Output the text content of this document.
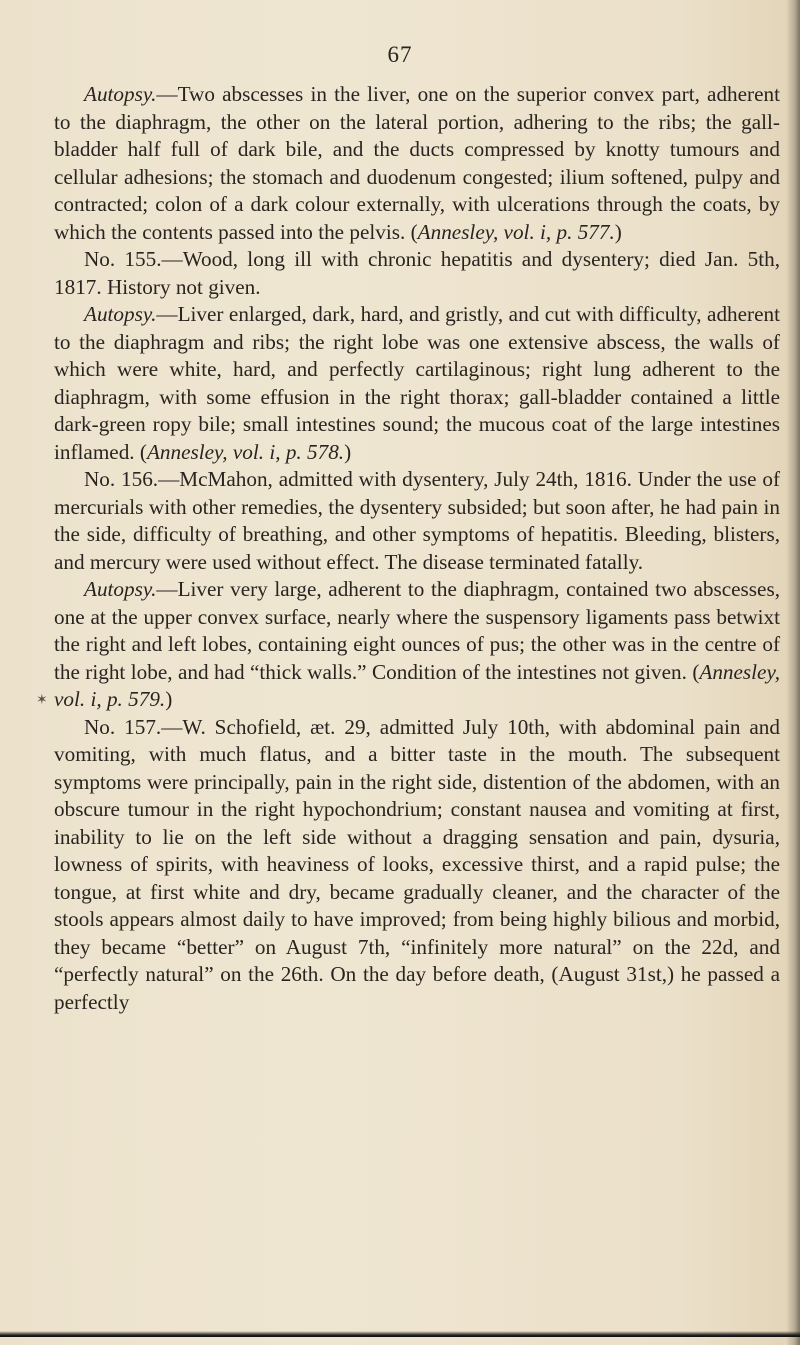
67

Autopsy.—Two abscesses in the liver, one on the superior convex part, adherent to the diaphragm, the other on the lateral portion, adhering to the ribs; the gall-bladder half full of dark bile, and the ducts compressed by knotty tumours and cellular adhesions; the stomach and duodenum congested; ilium softened, pulpy and contracted; colon of a dark colour externally, with ulcerations through the coats, by which the contents passed into the pelvis. (Annesley, vol. i, p. 577.)

No. 155.—Wood, long ill with chronic hepatitis and dysentery; died Jan. 5th, 1817. History not given.

Autopsy.—Liver enlarged, dark, hard, and gristly, and cut with difficulty, adherent to the diaphragm and ribs; the right lobe was one extensive abscess, the walls of which were white, hard, and perfectly cartilaginous; right lung adherent to the diaphragm, with some effusion in the right thorax; gall-bladder contained a little dark-green ropy bile; small intestines sound; the mucous coat of the large intestines inflamed. (Annesley, vol. i, p. 578.)

No. 156.—McMahon, admitted with dysentery, July 24th, 1816. Under the use of mercurials with other remedies, the dysentery subsided; but soon after, he had pain in the side, difficulty of breathing, and other symptoms of hepatitis. Bleeding, blisters, and mercury were used without effect. The disease terminated fatally.

Autopsy.—Liver very large, adherent to the diaphragm, contained two abscesses, one at the upper convex surface, nearly where the suspensory ligaments pass betwixt the right and left lobes, containing eight ounces of pus; the other was in the centre of the right lobe, and had “thick walls.” Condition of the intestines not given. (Annesley, vol. i, p. 579.)

No. 157.—W. Schofield, æt. 29, admitted July 10th, with abdominal pain and vomiting, with much flatus, and a bitter taste in the mouth. The subsequent symptoms were principally, pain in the right side, distention of the abdomen, with an obscure tumour in the right hypochondrium; constant nausea and vomiting at first, inability to lie on the left side without a dragging sensation and pain, dysuria, lowness of spirits, with heaviness of looks, excessive thirst, and a rapid pulse; the tongue, at first white and dry, became gradually cleaner, and the character of the stools appears almost daily to have improved; from being highly bilious and morbid, they became “better” on August 7th, “infinitely more natural” on the 22d, and “perfectly natural” on the 26th. On the day before death, (August 31st,) he passed a perfectly

✶
